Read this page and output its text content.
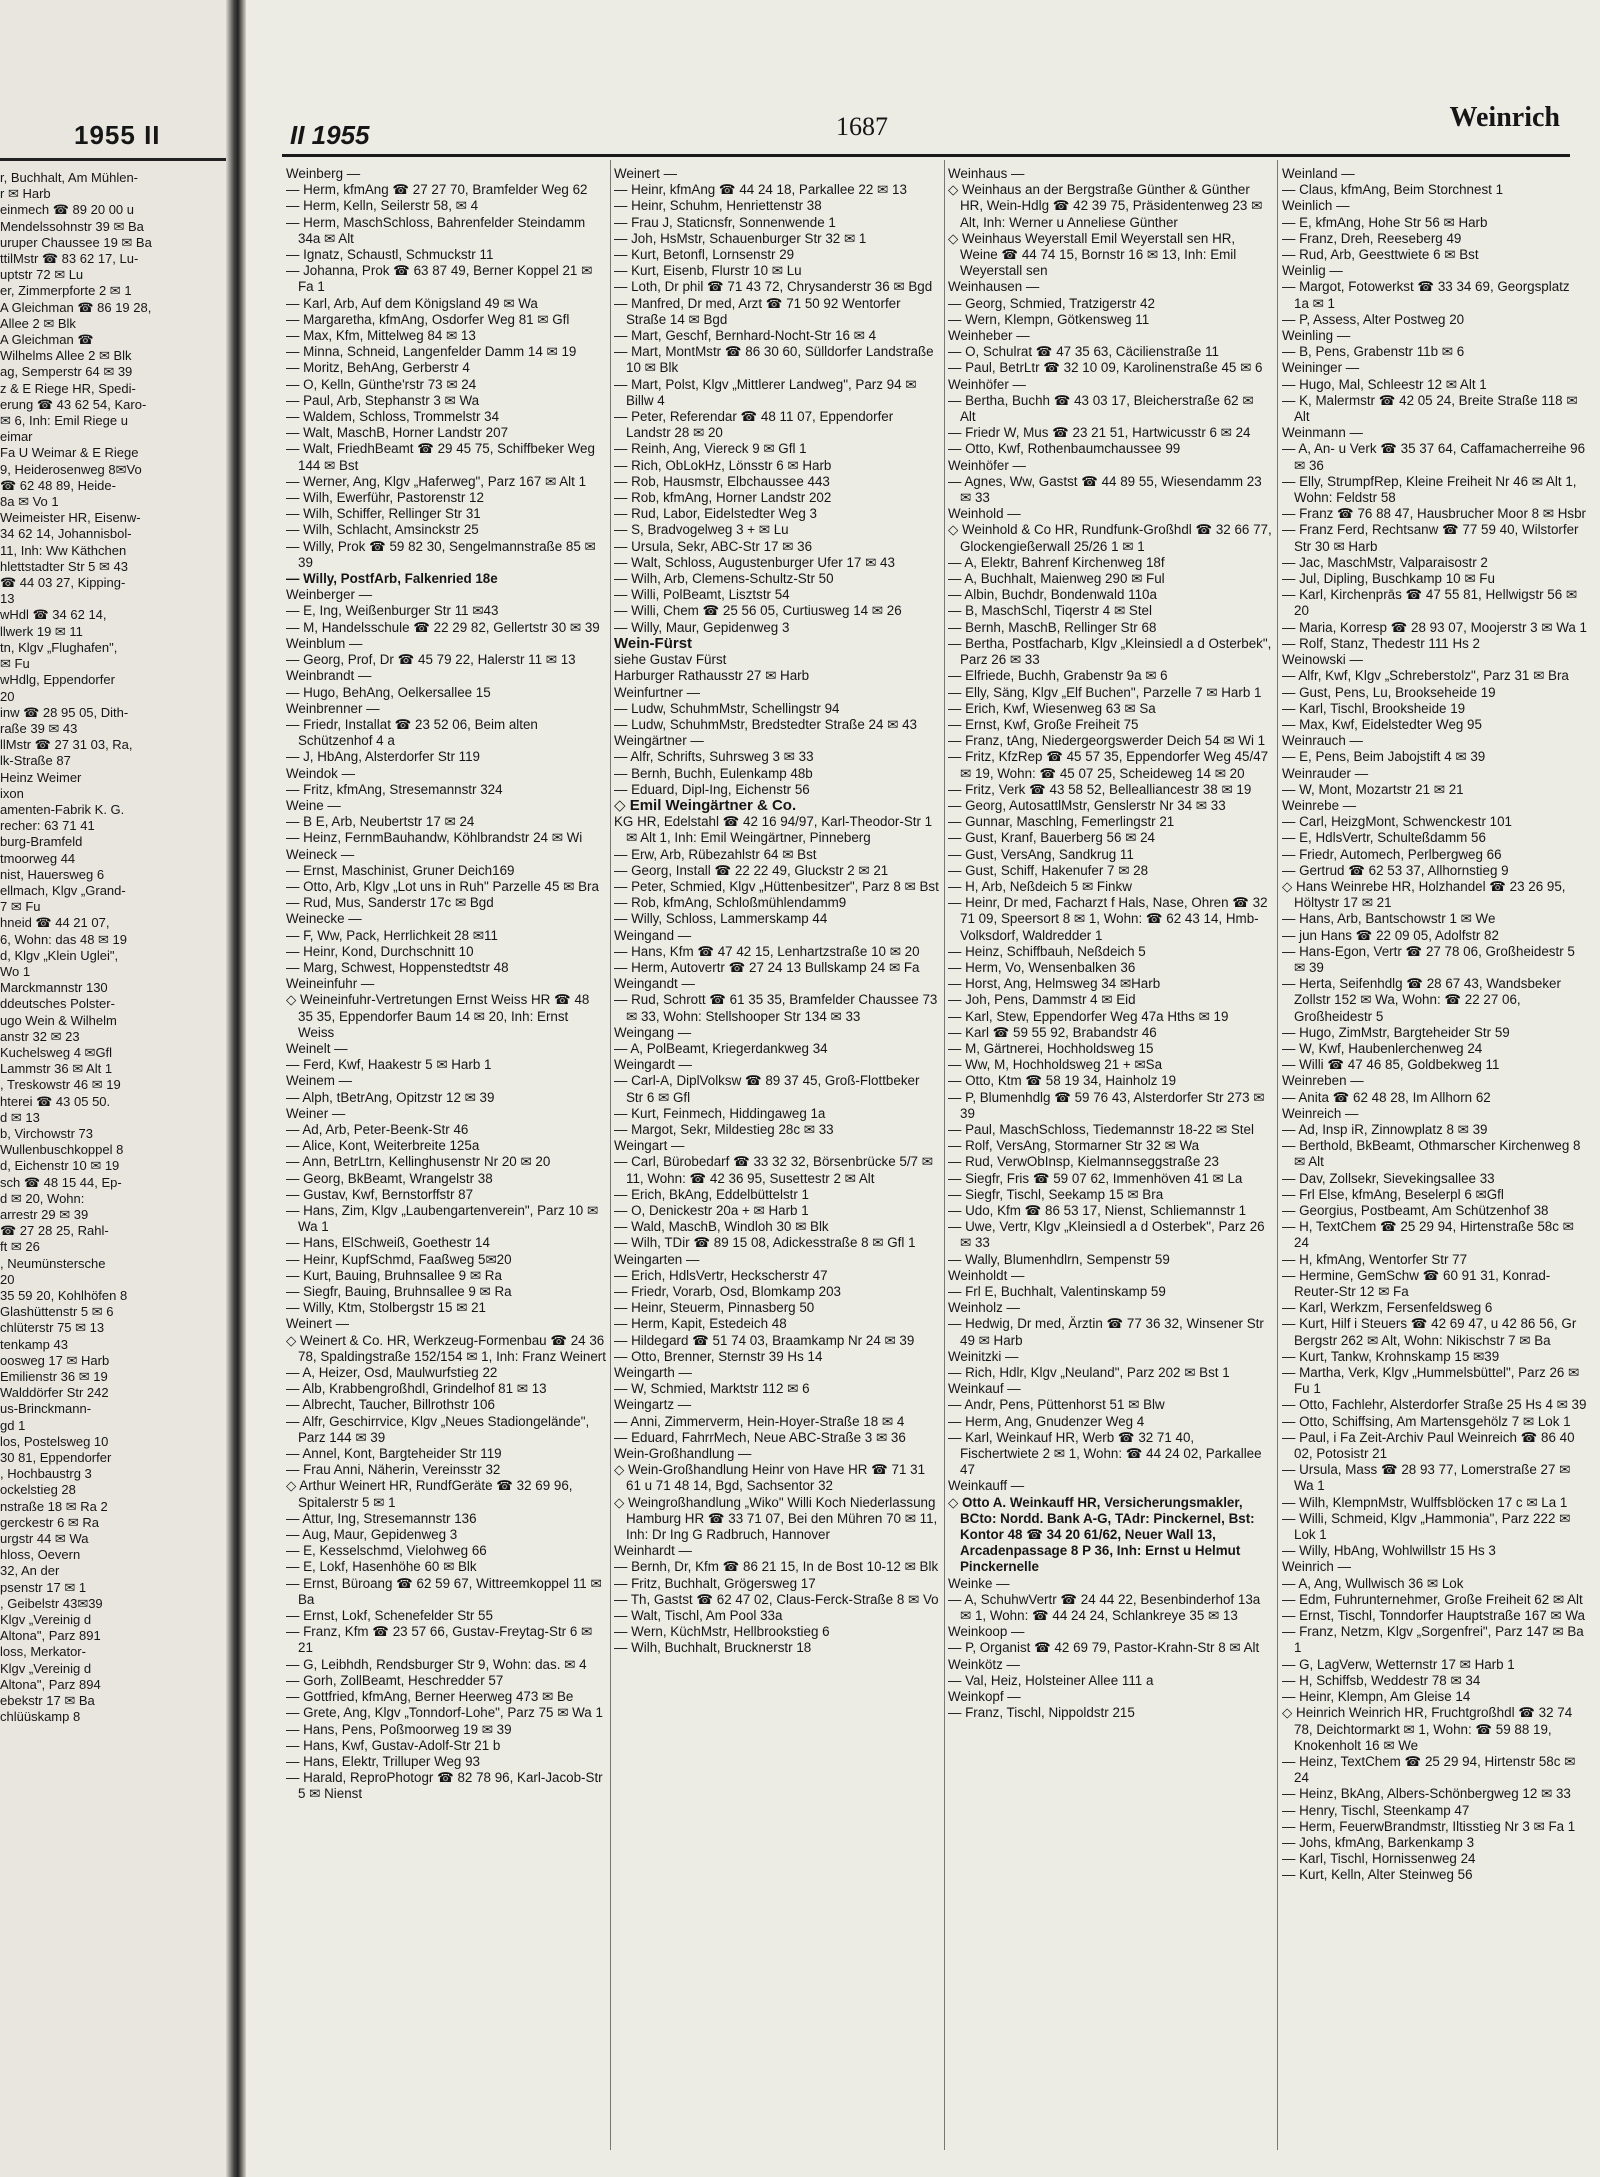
1955 II
r, Buchhalt, Am Mühlen-
r ✉ Harb
einmech ☎ 89 20 00 u
Mendelssohnstr 39 ✉ Ba
uruper Chaussee 19 ✉ Ba
ttilMstr ☎ 83 62 17, Lu-
uptstr 72 ✉ Lu
er, Zimmerpforte 2 ✉ 1
A Gleichman ☎ 86 19 28,
Allee 2 ✉ Blk
A Gleichman ☎
Wilhelms Allee 2 ✉ Blk
ag, Semperstr 64 ✉ 39
z & E Riege HR, Spedi-
erung ☎ 43 62 54, Karo-
✉ 6, Inh: Emil Riege u
eimar
Fa U Weimar & E Riege
9, Heiderosenweg 8✉Vo
☎ 62 48 89, Heide-
8a ✉ Vo 1
Weimeister HR, Eisenw-
34 62 14, Johannisbol-
11, Inh: Ww Käthchen
hlettstadter Str 5 ✉ 43
☎ 44 03 27, Kipping-
13
wHdl ☎ 34 62 14,
llwerk 19 ✉ 11
tn, Klgv „Flughafen",
✉ Fu
wHdlg, Eppendorfer
20
inw ☎ 28 95 05, Dith-
raße 39 ✉ 43
llMstr ☎ 27 31 03, Ra,
lk-Straße 87
Heinz Weimer
ixon
amenten-Fabrik K. G.
recher: 63 71 41
burg-Bramfeld
tmoorweg 44
nist, Hauersweg 6
ellmach, Klgv „Grand-
7 ✉ Fu
hneid ☎ 44 21 07,
6, Wohn: das 48 ✉ 19
d, Klgv „Klein Uglei",
Wo 1
Marckmannstr 130
ddeutsches Polster-
ugo Wein & Wilhelm
anstr 32 ✉ 23
Kuchelsweg 4 ✉Gfl
Lammstr 36 ✉ Alt 1
, Treskowstr 46 ✉ 19
hterei ☎ 43 05 50.
d ✉ 13
b, Virchowstr 73
Wullenbuschkoppel 8
d, Eichenstr 10 ✉ 19
sch ☎ 48 15 44, Ep-
d ✉ 20, Wohn:
arrestr 29 ✉ 39
☎ 27 28 25, Rahl-
ft ✉ 26
, Neumünstersche
20
35 59 20, Kohlhöfen 8
Glashüttenstr 5 ✉ 6
chlüterstr 75 ✉ 13
tenkamp 43
oosweg 17 ✉ Harb
Emilienstr 36 ✉ 19
Walddörfer Str 242
us-Brinckmann-
gd 1
los, Postelsweg 10
30 81, Eppendorfer
, Hochbaustrg 3
ockelstieg 28
nstraße 18 ✉ Ra 2
gerckestr 6 ✉ Ra
urgstr 44 ✉ Wa
hloss, Oevern
32, An der
psenstr 17 ✉ 1
, Geibelstr 43✉39
Klgv „Vereinig d
Altona", Parz 891
loss, Merkator-
Klgv „Vereinig d
Altona", Parz 894
ebekstr 17 ✉ Ba
chlüüskamp 8
II 1955	1687	Weinrich
Weinberg —
— Herm, kfmAng ☎ 27 27 70, Bramfelder Weg 62
— Herm, Kelln, Seilerstr 58, ✉ 4
— Herm, MaschSchloss, Bahrenfelder Steindamm 34a ✉ Alt
— Ignatz, Schaustl, Schmuckstr 11
— Johanna, Prok ☎ 63 87 49, Berner Koppel 21 ✉ Fa 1
— Karl, Arb, Auf dem Königsland 49 ✉ Wa
— Margaretha, kfmAng, Osdorfer Weg 81 ✉ Gfl
— Max, Kfm, Mittelweg 84 ✉ 13
— Minna, Schneid, Langenfelder Damm 14 ✉ 19
— Moritz, BehAng, Gerberstr 4
— O, Kelln, Günthe'rstr 73 ✉ 24
— Paul, Arb, Stephanstr 3 ✉ Wa
— Waldem, Schloss, Trommelstr 34
— Walt, MaschB, Horner Landstr 207
— Walt, FriedhBeamt ☎ 29 45 75, Schiffbeker Weg 144 ✉ Bst
— Werner, Ang, Klgv „Haferweg", Parz 167 ✉ Alt 1
— Wilh, Ewerführ, Pastorenstr 12
— Wilh, Schiffer, Rellinger Str 31
— Wilh, Schlacht, Amsinckstr 25
— Willy, Prok ☎ 59 82 30, Sengelmannstraße 85 ✉ 39
— Willy, PostfArb, Falkenried 18e
Weinberger —
— E, Ing, Weißenburger Str 11 ✉43
— M, Handelsschule ☎ 22 29 82, Gellertstr 30 ✉ 39
Weinblum —
— Georg, Prof, Dr ☎ 45 79 22, Halerstr 11 ✉ 13
Weinbrandt —
— Hugo, BehAng, Oelkersallee 15
Weinbrenner —
— Friedr, Installat ☎ 23 52 06, Beim alten Schützenhof 4 a
— J, HbAng, Alsterdorfer Str 119
Weindok —
— Fritz, kfmAng, Stresemannstr 324
Weine —
— B E, Arb, Neubertstr 17 ✉ 24
— Heinz, FernmBauhandw, Köhlbrandstr 24 ✉ Wi
Weineck —
— Ernst, Maschinist, Gruner Deich169
— Otto, Arb, Klgv „Lot uns in Ruh" Parzelle 45 ✉ Bra
— Rud, Mus, Sanderstr 17c ✉ Bgd
Weinecke —
— F, Ww, Pack, Herrlichkeit 28 ✉11
— Heinr, Kond, Durchschnitt 10
— Marg, Schwest, Hoppenstedtstr 48
Weineinfuhr —
◇ Weineinfuhr-Vertretungen Ernst Weiss HR ☎ 48 35 35, Eppendorfer Baum 14 ✉ 20, Inh: Ernst Weiss
Weinelt —
— Ferd, Kwf, Haakestr 5 ✉ Harb 1
Weinem —
— Alph, tBetrAng, Opitzstr 12 ✉ 39
Weiner —
— Ad, Arb, Peter-Beenk-Str 46
— Alice, Kont, Weiterbreite 125a
— Ann, BetrLtrn, Kellinghusenstr Nr 20 ✉ 20
— Georg, BkBeamt, Wrangelstr 38
— Gustav, Kwf, Bernstorffstr 87
— Hans, Zim, Klgv „Laubengartenverein", Parz 10 ✉ Wa 1
— Hans, ElSchweiß, Goethestr 14
— Heinr, KupfSchmd, Faaßweg 5✉20
— Kurt, Bauing, Bruhnsallee 9 ✉ Ra
— Siegfr, Bauing, Bruhnsallee 9 ✉ Ra
— Willy, Ktm, Stolbergstr 15 ✉ 21
Weinert —
◇ Weinert & Co. HR, Werkzeug-Formenbau ☎ 24 36 78, Spaldingstraße 152/154 ✉ 1, Inh: Franz Weinert
— A, Heizer, Osd, Maulwurfstieg 22
— Alb, Krabbengroßhdl, Grindelhof 81 ✉ 13
— Albrecht, Taucher, Billrothstr 106
— Alfr, Geschirrvice, Klgv „Neues Stadiongelände", Parz 144 ✉ 39
— Annel, Kont, Bargteheider Str 119
— Frau Anni, Näherin, Vereinsstr 32
◇ Arthur Weinert HR, RundfGeräte ☎ 32 69 96, Spitalerstr 5 ✉ 1
— Attur, Ing, Stresemannstr 136
— Aug, Maur, Gepidenweg 3
— E, Kesselschmd, Vielohweg 66
— E, Lokf, Hasenhöhe 60 ✉ Blk
— Ernst, Büroang ☎ 62 59 67, Wittreemkoppel 11 ✉ Ba
— Ernst, Lokf, Schenefelder Str 55
— Franz, Kfm ☎ 23 57 66, Gustav-Freytag-Str 6 ✉ 21
— G, Leibhdh, Rendsburger Str 9, Wohn: das. ✉ 4
— Gorh, ZollBeamt, Heschredder 57
— Gottfried, kfmAng, Berner Heerweg 473 ✉ Be
— Grete, Ang, Klgv „Tonndorf-Lohe", Parz 75 ✉ Wa 1
— Hans, Pens, Poßmoorweg 19 ✉ 39
— Hans, Kwf, Gustav-Adolf-Str 21 b
— Hans, Elektr, Trilluper Weg 93
— Harald, ReproPhotogr ☎ 82 78 96, Karl-Jacob-Str 5 ✉ Nienst
Weinert —
— Heinr, kfmAng ☎ 44 24 18, Parkallee 22 ✉ 13
— Heinr, Schuhm, Henriettenstr 38
— Frau J, Staticnsfr, Sonnenwende 1
— Joh, HsMstr, Schauenburger Str 32 ✉ 1
— Kurt, Betonfl, Lornsenstr 29
— Kurt, Eisenb, Flurstr 10 ✉ Lu
— Loth, Dr phil ☎ 71 43 72, Chrysanderstr 36 ✉ Bgd
— Manfred, Dr med, Arzt ☎ 71 50 92 Wentorfer Straße 14 ✉ Bgd
— Mart, Geschf, Bernhard-Nocht-Str 16 ✉ 4
— Mart, MontMstr ☎ 86 30 60, Sülldorfer Landstraße 10 ✉ Blk
— Mart, Polst, Klgv „Mittlerer Landweg", Parz 94 ✉ Billw 4
— Peter, Referendar ☎ 48 11 07, Eppendorfer Landstr 28 ✉ 20
— Reinh, Ang, Viereck 9 ✉ Gfl 1
— Rich, ObLokHz, Lönsstr 6 ✉ Harb
— Rob, Hausmstr, Elbchaussee 443
— Rob, kfmAng, Horner Landstr 202
— Rud, Labor, Eidelstedter Weg 3
— S, Bradvogelweg 3 + ✉ Lu
— Ursula, Sekr, ABC-Str 17 ✉ 36
— Walt, Schloss, Augustenburger Ufer 17 ✉ 43
— Wilh, Arb, Clemens-Schultz-Str 50
— Willi, PolBeamt, Lisztstr 54
— Willi, Chem ☎ 25 56 05, Curtiusweg 14 ✉ 26
— Willy, Maur, Gepidenweg 3
Wein-Fürst
siehe Gustav Fürst
Harburger Rathausstr 27 ✉ Harb
Weinfurtner —
— Ludw, SchuhmMstr, Schellingstr 94
— Ludw, SchuhmMstr, Bredstedter Straße 24 ✉ 43
Weingärtner —
— Alfr, Schrifts, Suhrsweg 3 ✉ 33
— Bernh, Buchh, Eulenkamp 48b
— Eduard, Dipl-Ing, Eichenstr 56
◇ Emil Weingärtner & Co.
KG HR, Edelstahl ☎ 42 16 94/97, Karl-Theodor-Str 1 ✉ Alt 1, Inh: Emil Weingärtner, Pinneberg
— Erw, Arb, Rübezahlstr 64 ✉ Bst
— Georg, Install ☎ 22 22 49, Gluckstr 2 ✉ 21
— Peter, Schmied, Klgv „Hüttenbesitzer", Parz 8 ✉ Bst
— Rob, kfmAng, Schloßmühlendamm9
— Willy, Schloss, Lammerskamp 44
Weingand —
— Hans, Kfm ☎ 47 42 15, Lenhartzstraße 10 ✉ 20
— Herm, Autovertr ☎ 27 24 13 Bullskamp 24 ✉ Fa
Weingandt —
— Rud, Schrott ☎ 61 35 35, Bramfelder Chaussee 73 ✉ 33, Wohn: Stellshooper Str 134 ✉ 33
Weingang —
— A, PolBeamt, Kriegerdankweg 34
Weingardt —
— Carl-A, DiplVolksw ☎ 89 37 45, Groß-Flottbeker Str 6 ✉ Gfl
— Kurt, Feinmech, Hiddingaweg 1a
— Margot, Sekr, Mildestieg 28c ✉ 33
Weingart —
— Carl, Bürobedarf ☎ 33 32 32, Börsenbrücke 5/7 ✉ 11, Wohn: ☎ 42 36 95, Susettestr 2 ✉ Alt
— Erich, BkAng, Eddelbüttelstr 1
— O, Denickestr 20a + ✉ Harb 1
— Wald, MaschB, Windloh 30 ✉ Blk
— Wilh, TDir ☎ 89 15 08, Adickesstraße 8 ✉ Gfl 1
Weingarten —
— Erich, HdlsVertr, Heckscherstr 47
— Friedr, Vorarb, Osd, Blomkamp 203
— Heinr, Steuerm, Pinnasberg 50
— Herm, Kapit, Estedeich 48
— Hildegard ☎ 51 74 03, Braamkamp Nr 24 ✉ 39
— Otto, Brenner, Sternstr 39 Hs 14
Weingarth —
— W, Schmied, Marktstr 112 ✉ 6
Weingartz —
— Anni, Zimmerverm, Hein-Hoyer-Straße 18 ✉ 4
— Eduard, FahrrMech, Neue ABC-Straße 3 ✉ 36
Wein-Großhandlung —
◇ Wein-Großhandlung Heinr von Have HR ☎ 71 31 61 u 71 48 14, Bgd, Sachsentor 32
◇ Weingroßhandlung „Wiko" Willi Koch Niederlassung Hamburg HR ☎ 33 71 07, Bei den Mühren 70 ✉ 11, Inh: Dr Ing G Radbruch, Hannover
Weinhardt —
— Bernh, Dr, Kfm ☎ 86 21 15, In de Bost 10-12 ✉ Blk
— Fritz, Buchhalt, Grögersweg 17
— Th, Gastst ☎ 62 47 02, Claus-Ferck-Straße 8 ✉ Vo
— Walt, Tischl, Am Pool 33a
— Wern, KüchMstr, Hellbrookstieg 6
— Wilh, Buchhalt, Brucknerstr 18
Weinhaus —
◇ Weinhaus an der Bergstraße Günther & Günther HR, Wein-Hdlg ☎ 42 39 75, Präsidentenweg 23 ✉ Alt, Inh: Werner u Anneliese Günther
◇ Weinhaus Weyerstall Emil Weyerstall sen HR, Weine ☎ 44 74 15, Bornstr 16 ✉ 13, Inh: Emil Weyerstall sen
Weinhausen —
— Georg, Schmied, Tratzigerstr 42
— Wern, Klempn, Götkensweg 11
Weinheber —
— O, Schulrat ☎ 47 35 63, Cäcilienstraße 11
— Paul, BetrLtr ☎ 32 10 09, Karolinenstraße 45 ✉ 6
Weinhöfer —
— Bertha, Buchh ☎ 43 03 17, Bleicherstraße 62 ✉ Alt
— Friedr W, Mus ☎ 23 21 51, Hartwicusstr 6 ✉ 24
— Otto, Kwf, Rothenbaumchaussee 99
Weinhöfer —
— Agnes, Ww, Gastst ☎ 44 89 55, Wiesendamm 23 ✉ 33
Weinhold —
◇ Weinhold & Co HR, Rundfunk-Großhdl ☎ 32 66 77, Glockengießerwall 25/26 1 ✉ 1
— A, Elektr, Bahrenf Kirchenweg 18f
— A, Buchhalt, Maienweg 290 ✉ Ful
— Albin, Buchdr, Bondenwald 110a
— B, MaschSchl, Tiqerstr 4 ✉ Stel
— Bernh, MaschB, Rellinger Str 68
— Bertha, Postfacharb, Klgv „Kleinsiedl a d Osterbek", Parz 26 ✉ 33
— Elfriede, Buchh, Grabenstr 9a ✉ 6
— Elly, Säng, Klgv „Elf Buchen", Parzelle 7 ✉ Harb 1
— Erich, Kwf, Wiesenweg 63 ✉ Sa
— Ernst, Kwf, Große Freiheit 75
— Franz, tAng, Niedergeorgswerder Deich 54 ✉ Wi 1
— Fritz, KfzRep ☎ 45 57 35, Eppendorfer Weg 45/47 ✉ 19, Wohn: ☎ 45 07 25, Scheideweg 14 ✉ 20
— Fritz, Verk ☎ 43 58 52, Bellealliancestr 38 ✉ 19
— Georg, AutosattlMstr, Genslerstr Nr 34 ✉ 33
— Gunnar, Maschlng, Femerlingstr 21
— Gust, Kranf, Bauerberg 56 ✉ 24
— Gust, VersAng, Sandkrug 11
— Gust, Schiff, Hakenufer 7 ✉ 28
— H, Arb, Neßdeich 5 ✉ Finkw
— Heinr, Dr med, Facharzt f Hals, Nase, Ohren ☎ 32 71 09, Speersort 8 ✉ 1, Wohn: ☎ 62 43 14, Hmb-Volksdorf, Waldredder 1
— Heinz, Schiffbauh, Neßdeich 5
— Herm, Vo, Wensenbalken 36
— Horst, Ang, Helmsweg 34 ✉Harb
— Joh, Pens, Dammstr 4 ✉ Eid
— Karl, Stew, Eppendorfer Weg 47a Hths ✉ 19
— Karl ☎ 59 55 92, Brabandstr 46
— M, Gärtnerei, Hochholdsweg 15
— Ww, M, Hochholdsweg 21 + ✉Sa
— Otto, Ktm ☎ 58 19 34, Hainholz 19
— P, Blumenhdlg ☎ 59 76 43, Alsterdorfer Str 273 ✉ 39
— Paul, MaschSchloss, Tiedemannstr 18-22 ✉ Stel
— Rolf, VersAng, Stormarner Str 32 ✉ Wa
— Rud, VerwObInsp, Kielmannseggstraße 23
— Siegfr, Fris ☎ 59 07 62, Immenhöven 41 ✉ La
— Siegfr, Tischl, Seekamp 15 ✉ Bra
— Udo, Kfm ☎ 86 53 17, Nienst, Schliemannstr 1
— Uwe, Vertr, Klgv „Kleinsiedl a d Osterbek", Parz 26 ✉ 33
— Wally, Blumenhdlrn, Sempenstr 59
Weinholdt —
— Frl E, Buchhalt, Valentinskamp 59
Weinholz —
— Hedwig, Dr med, Ärztin ☎ 77 36 32, Winsener Str 49 ✉ Harb
Weinitzki —
— Rich, Hdlr, Klgv „Neuland", Parz 202 ✉ Bst 1
Weinkauf —
— Andr, Pens, Püttenhorst 51 ✉ Blw
— Herm, Ang, Gnudenzer Weg 4
— Karl, Weinkauf HR, Werb ☎ 32 71 40, Fischertwiete 2 ✉ 1, Wohn: ☎ 44 24 02, Parkallee 47
Weinkauff —
◇ Otto A. Weinkauff HR, Versicherungsmakler, BCto: Nordd. Bank A-G, TAdr: Pinckernel, Bst: Kontor 48 ☎ 34 20 61/62, Neuer Wall 13, Arcadenpassage 8 P 36, Inh: Ernst u Helmut Pinckernelle
Weinke —
— A, SchuhwVertr ☎ 24 44 22, Besenbinderhof 13a ✉ 1, Wohn: ☎ 44 24 24, Schlankreye 35 ✉ 13
Weinkoop —
— P, Organist ☎ 42 69 79, Pastor-Krahn-Str 8 ✉ Alt
Weinkötz —
— Val, Heiz, Holsteiner Allee 111 a
Weinkopf —
— Franz, Tischl, Nippoldstr 215
Weinland —
— Claus, kfmAng, Beim Storchnest 1
Weinlich —
— E, kfmAng, Hohe Str 56 ✉ Harb
— Franz, Dreh, Reeseberg 49
— Rud, Arb, Geesttwiete 6 ✉ Bst
Weinlig —
— Margot, Fotowerkst ☎ 33 34 69, Georgsplatz 1a ✉ 1
— P, Assess, Alter Postweg 20
Weinling —
— B, Pens, Grabenstr 11b ✉ 6
Weininger —
— Hugo, Mal, Schleestr 12 ✉ Alt 1
— K, Malermstr ☎ 42 05 24, Breite Straße 118 ✉ Alt
Weinmann —
— A, An- u Verk ☎ 35 37 64, Caffamacherreihe 96 ✉ 36
— Elly, StrumpfRep, Kleine Freiheit Nr 46 ✉ Alt 1, Wohn: Feldstr 58
— Franz ☎ 76 88 47, Hausbrucher Moor 8 ✉ Hsbr
— Franz Ferd, Rechtsanw ☎ 77 59 40, Wilstorfer Str 30 ✉ Harb
— Jac, MaschMstr, Valparaisostr 2
— Jul, Dipling, Buschkamp 10 ✉ Fu
— Karl, Kirchenprās ☎ 47 55 81, Hellwigstr 56 ✉ 20
— Maria, Korresp ☎ 28 93 07, Moojerstr 3 ✉ Wa 1
— Rolf, Stanz, Thedestr 111 Hs 2
Weinowski —
— Alfr, Kwf, Klgv „Schreberstolz", Parz 31 ✉ Bra
— Gust, Pens, Lu, Brookseheide 19
— Karl, Tischl, Brooksheide 19
— Max, Kwf, Eidelstedter Weg 95
Weinrauch —
— E, Pens, Beim Jabojstift 4 ✉ 39
Weinrauder —
— W, Mont, Mozartstr 21 ✉ 21
Weinrebe —
— Carl, HeizgMont, Schwenckestr 101
— E, HdlsVertr, Schulteßdamm 56
— Friedr, Automech, Perlbergweg 66
— Gertrud ☎ 62 53 37, Allhornstieg 9
◇ Hans Weinrebe HR, Holzhandel ☎ 23 26 95, Höltystr 17 ✉ 21
— Hans, Arb, Bantschowstr 1 ✉ We
— jun Hans ☎ 22 09 05, Adolfstr 82
— Hans-Egon, Vertr ☎ 27 78 06, Großheidestr 5 ✉ 39
— Herta, Seifenhdlg ☎ 28 67 43, Wandsbeker Zollstr 152 ✉ Wa, Wohn: ☎ 22 27 06, Großheidestr 5
— Hugo, ZimMstr, Bargteheider Str 59
— W, Kwf, Haubenlerchenweg 24
— Willi ☎ 47 46 85, Goldbekweg 11
Weinreben —
— Anita ☎ 62 48 28, Im Allhorn 62
Weinreich —
— Ad, Insp iR, Zinnowplatz 8 ✉ 39
— Berthold, BkBeamt, Othmarscher Kirchenweg 8 ✉ Alt
— Dav, Zollsekr, Sievekingsallee 33
— Frl Else, kfmAng, Beselerpl 6 ✉Gfl
— Georgius, Postbeamt, Am Schützenhof 38
— H, TextChem ☎ 25 29 94, Hirtenstraße 58c ✉ 24
— H, kfmAng, Wentorfer Str 77
— Hermine, GemSchw ☎ 60 91 31, Konrad-Reuter-Str 12 ✉ Fa
— Karl, Werkzm, Fersenfeldsweg 6
— Kurt, Hilf i Steuers ☎ 42 69 47, u 42 86 56, Gr Bergstr 262 ✉ Alt, Wohn: Nikischstr 7 ✉ Ba
— Kurt, Tankw, Krohnskamp 15 ✉39
— Martha, Verk, Klgv „Hummelsbüttel", Parz 26 ✉ Fu 1
— Otto, Fachlehr, Alsterdorfer Straße 25 Hs 4 ✉ 39
— Otto, Schiffsing, Am Martensgehölz 7 ✉ Lok 1
— Paul, i Fa Zeit-Archiv Paul Weinreich ☎ 86 40 02, Potosistr 21
— Ursula, Mass ☎ 28 93 77, Lomerstraße 27 ✉ Wa 1
— Wilh, KlempnMstr, Wulffsblöcken 17 c ✉ La 1
— Willi, Schmeid, Klgv „Hammonia", Parz 222 ✉ Lok 1
— Willy, HbAng, Wohlwillstr 15 Hs 3
Weinrich —
— A, Ang, Wullwisch 36 ✉ Lok
— Edm, Fuhrunternehmer, Große Freiheit 62 ✉ Alt
— Ernst, Tischl, Tonndorfer Hauptstraße 167 ✉ Wa
— Franz, Netzm, Klgv „Sorgenfrei", Parz 147 ✉ Ba 1
— G, LagVerw, Wetternstr 17 ✉ Harb 1
— H, Schiffsb, Weddestr 78 ✉ 34
— Heinr, Klempn, Am Gleise 14
◇ Heinrich Weinrich HR, Fruchtgroßhdl ☎ 32 74 78, Deichtormarkt ✉ 1, Wohn: ☎ 59 88 19, Knokenholt 16 ✉ We
— Heinz, TextChem ☎ 25 29 94, Hirtenstr 58c ✉ 24
— Heinz, BkAng, Albers-Schönbergweg 12 ✉ 33
— Henry, Tischl, Steenkamp 47
— Herm, FeuerwBrandmstr, Iltisstieg Nr 3 ✉ Fa 1
— Johs, kfmAng, Barkenkamp 3
— Karl, Tischl, Hornissenweg 24
— Kurt, Kelln, Alter Steinweg 56
